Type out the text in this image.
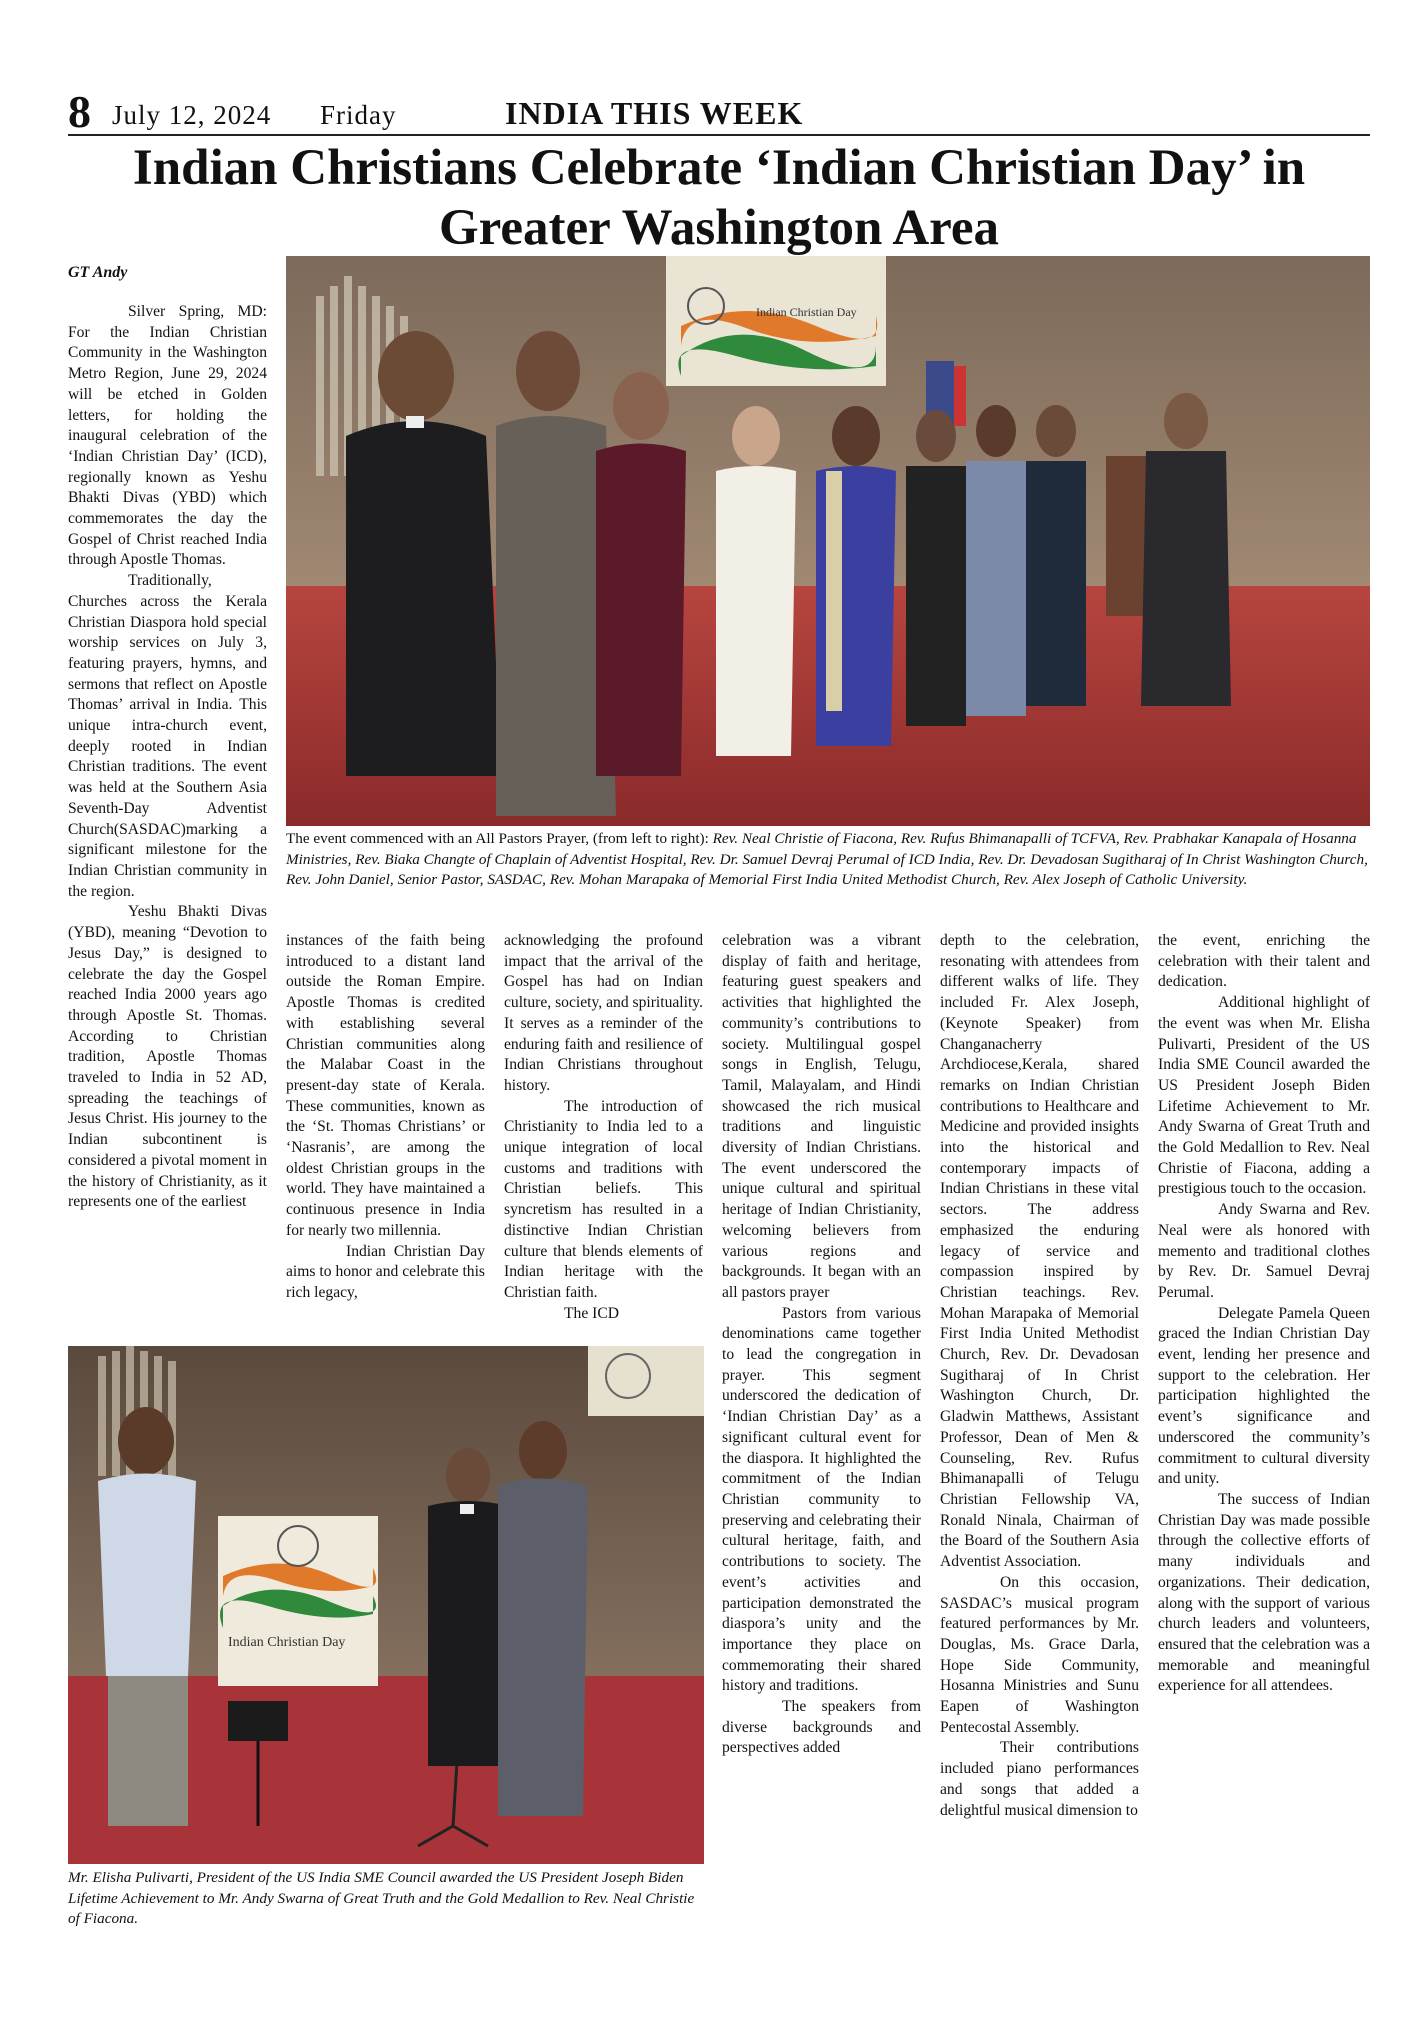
8 July 12, 2024 Friday	INDIA THIS WEEK
Indian Christians Celebrate ‘Indian Christian Day’ in
Greater Washington Area
GT Andy

Silver Spring, MD: For the Indian Christian Community in the Washington Metro Region, June 29, 2024 will be etched in Golden letters, for holding the inaugural celebration of the ‘Indian Christian Day’ (ICD), regionally known as Yeshu Bhakti Divas (YBD) which commemorates the day the Gospel of Christ reached India through Apostle Thomas.

Traditionally, Churches across the Kerala Christian Diaspora hold special worship services on July 3, featuring prayers, hymns, and sermons that reflect on Apostle Thomas’ arrival in India. This unique intra-church event, deeply rooted in Indian Christian traditions. The event was held at the Southern Asia Seventh-Day Adventist Church(SASDAC)marking a significant milestone for the Indian Christian community in the region.

Yeshu Bhakti Divas (YBD), meaning “Devotion to Jesus Day,” is designed to celebrate the day the Gospel reached India 2000 years ago through Apostle St. Thomas. According to Christian tradition, Apostle Thomas traveled to India in 52 AD, spreading the teachings of Jesus Christ. His journey to the Indian subcontinent is considered a pivotal moment in the history of Christianity, as it represents one of the earliest

Indian Christian Day
The event commenced with an All Pastors Prayer, (from left to right): Rev. Neal Christie of Fiacona, Rev. Rufus Bhimanapalli of TCFVA, Rev. Prabhakar Kanapala of Hosanna Ministries, Rev. Biaka Changte of Chaplain of Adventist Hospital, Rev. Dr. Samuel Devraj Perumal of ICD India, Rev. Dr. Devadosan Sugitharaj of In Christ Washington Church, Rev. John Daniel, Senior Pastor, SASDAC, Rev. Mohan Marapaka of Memorial First India United Methodist Church, Rev. Alex Joseph of Catholic University.

instances of the faith being introduced to a distant land outside the Roman Empire. Apostle Thomas is credited with establishing several Christian communities along the Malabar Coast in the present-day state of Kerala. These communities, known as the ‘St. Thomas Christians’ or ‘Nasranis’, are among the oldest Christian groups in the world. They have maintained a continuous presence in India for nearly two millennia.

Indian Christian Day aims to honor and celebrate this rich legacy,

acknowledging the profound impact that the arrival of the Gospel has had on Indian culture, society, and spirituality. It serves as a reminder of the enduring faith and resilience of Indian Christians throughout history.

The introduction of Christianity to India led to a unique integration of local customs and traditions with Christian beliefs. This syncretism has resulted in a distinctive Indian Christian culture that blends elements of Indian heritage with the Christian faith.

The ICD

celebration was a vibrant display of faith and heritage, featuring guest speakers and activities that highlighted the community’s contributions to society. Multilingual gospel songs in English, Telugu, Tamil, Malayalam, and Hindi showcased the rich musical traditions and linguistic diversity of Indian Christians. The event underscored the unique cultural and spiritual heritage of Indian Christianity, welcoming believers from various regions and backgrounds. It began with an all pastors prayer

Pastors from various denominations came together to lead the congregation in prayer. This segment underscored the dedication of ‘Indian Christian Day’ as a significant cultural event for the diaspora. It highlighted the commitment of the Indian Christian community to preserving and celebrating their cultural heritage, faith, and contributions to society. The event’s activities and participation demonstrated the diaspora’s unity and the importance they place on commemorating their shared history and traditions.

The speakers from diverse backgrounds and perspectives added

depth to the celebration, resonating with attendees from different walks of life. They included Fr. Alex Joseph, (Keynote Speaker) from Changanacherry Archdiocese,Kerala, shared remarks on Indian Christian contributions to Healthcare and Medicine and provided insights into the historical and contemporary impacts of Indian Christians in these vital sectors. The address emphasized the enduring legacy of service and compassion inspired by Christian teachings. Rev. Mohan Marapaka of Memorial First India United Methodist Church, Rev. Dr. Devadosan Sugitharaj of In Christ Washington Church, Dr. Gladwin Matthews, Assistant Professor, Dean of Men & Counseling, Rev. Rufus Bhimanapalli of Telugu Christian Fellowship VA, Ronald Ninala, Chairman of the Board of the Southern Asia Adventist Association.

On this occasion, SASDAC’s musical program featured performances by Mr. Douglas, Ms. Grace Darla, Hope Side Community, Hosanna Ministries and Sunu Eapen of Washington Pentecostal Assembly.

Their contributions included piano performances and songs that added a delightful musical dimension to

the event, enriching the celebration with their talent and dedication.

Additional highlight of the event was when Mr. Elisha Pulivarti, President of the US India SME Council awarded the US President Joseph Biden Lifetime Achievement to Mr. Andy Swarna of Great Truth and the Gold Medallion to Rev. Neal Christie of Fiacona, adding a prestigious touch to the occasion.

Andy Swarna and Rev. Neal were als honored with memento and traditional clothes by Rev. Dr. Samuel Devraj Perumal.

Delegate Pamela Queen graced the Indian Christian Day event, lending her presence and support to the celebration. Her participation highlighted the event’s significance and underscored the community’s commitment to cultural diversity and unity.

The success of Indian Christian Day was made possible through the collective efforts of many individuals and organizations. Their dedication, along with the support of various church leaders and volunteers, ensured that the celebration was a memorable and meaningful experience for all attendees.

Indian Christian Day
Mr. Elisha Pulivarti, President of the US India SME Council awarded the US President Joseph Biden Lifetime Achievement to Mr. Andy Swarna of Great Truth and the Gold Medallion to Rev. Neal Christie of Fiacona.
